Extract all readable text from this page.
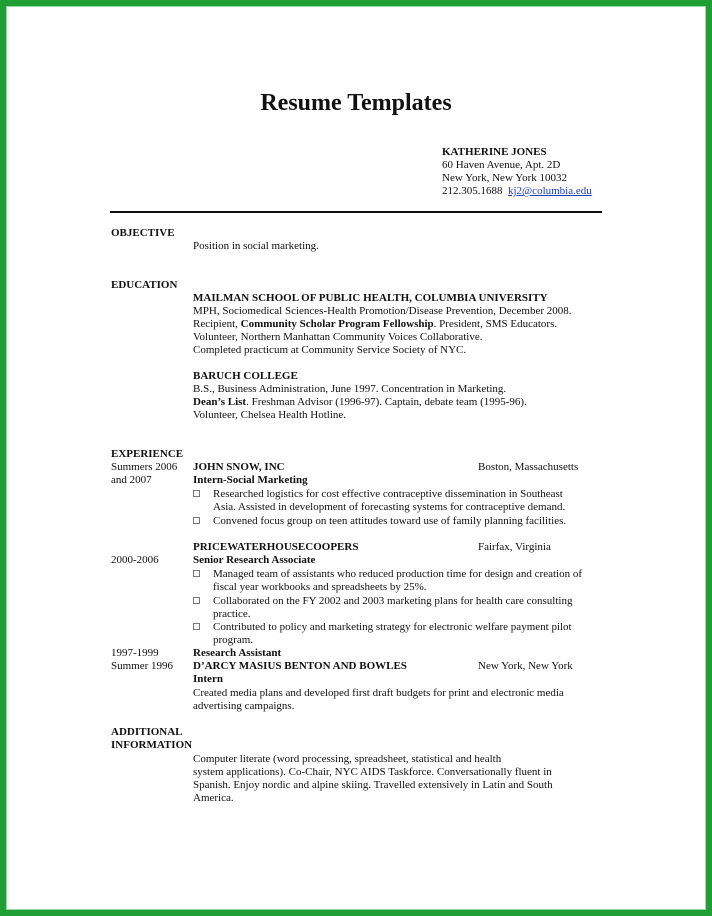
Resume Templates
KATHERINE JONES
60 Haven Avenue, Apt. 2D
New York, New York 10032
212.305.1688 kj2@columbia.edu
OBJECTIVE
Position in social marketing.
EDUCATION
MAILMAN SCHOOL OF PUBLIC HEALTH, COLUMBIA UNIVERSITY
MPH, Sociomedical Sciences-Health Promotion/Disease Prevention, December 2008.
Recipient, Community Scholar Program Fellowship. President, SMS Educators.
Volunteer, Northern Manhattan Community Voices Collaborative.
Completed practicum at Community Service Society of NYC.
BARUCH COLLEGE
B.S., Business Administration, June 1997. Concentration in Marketing.
Dean’s List. Freshman Advisor (1996-97). Captain, debate team (1995-96).
Volunteer, Chelsea Health Hotline.
EXPERIENCE
Summers 2006
and 2007
JOHN SNOW, INC	Boston, Massachusetts
Intern-Social Marketing
Researched logistics for cost effective contraceptive dissemination in Southeast
Asia. Assisted in development of forecasting systems for contraceptive demand.
Convened focus group on teen attitudes toward use of family planning facilities.
PRICEWATERHOUSECOOPERS	Fairfax, Virginia
2000-2006	Senior Research Associate
Managed team of assistants who reduced production time for design and creation of
fiscal year workbooks and spreadsheets by 25%.
Collaborated on the FY 2002 and 2003 marketing plans for health care consulting
practice.
Contributed to policy and marketing strategy for electronic welfare payment pilot
program.
1997-1999	Research Assistant
Summer 1996 D’ARCY MASIUS BENTON AND BOWLES	New York, New York
Intern
Created media plans and developed first draft budgets for print and electronic media
advertising campaigns.
ADDITIONAL
INFORMATION
Computer literate (word processing, spreadsheet, statistical and health
system applications). Co-Chair, NYC AIDS Taskforce. Conversationally fluent in
Spanish. Enjoy nordic and alpine skiing. Travelled extensively in Latin and South
America.
